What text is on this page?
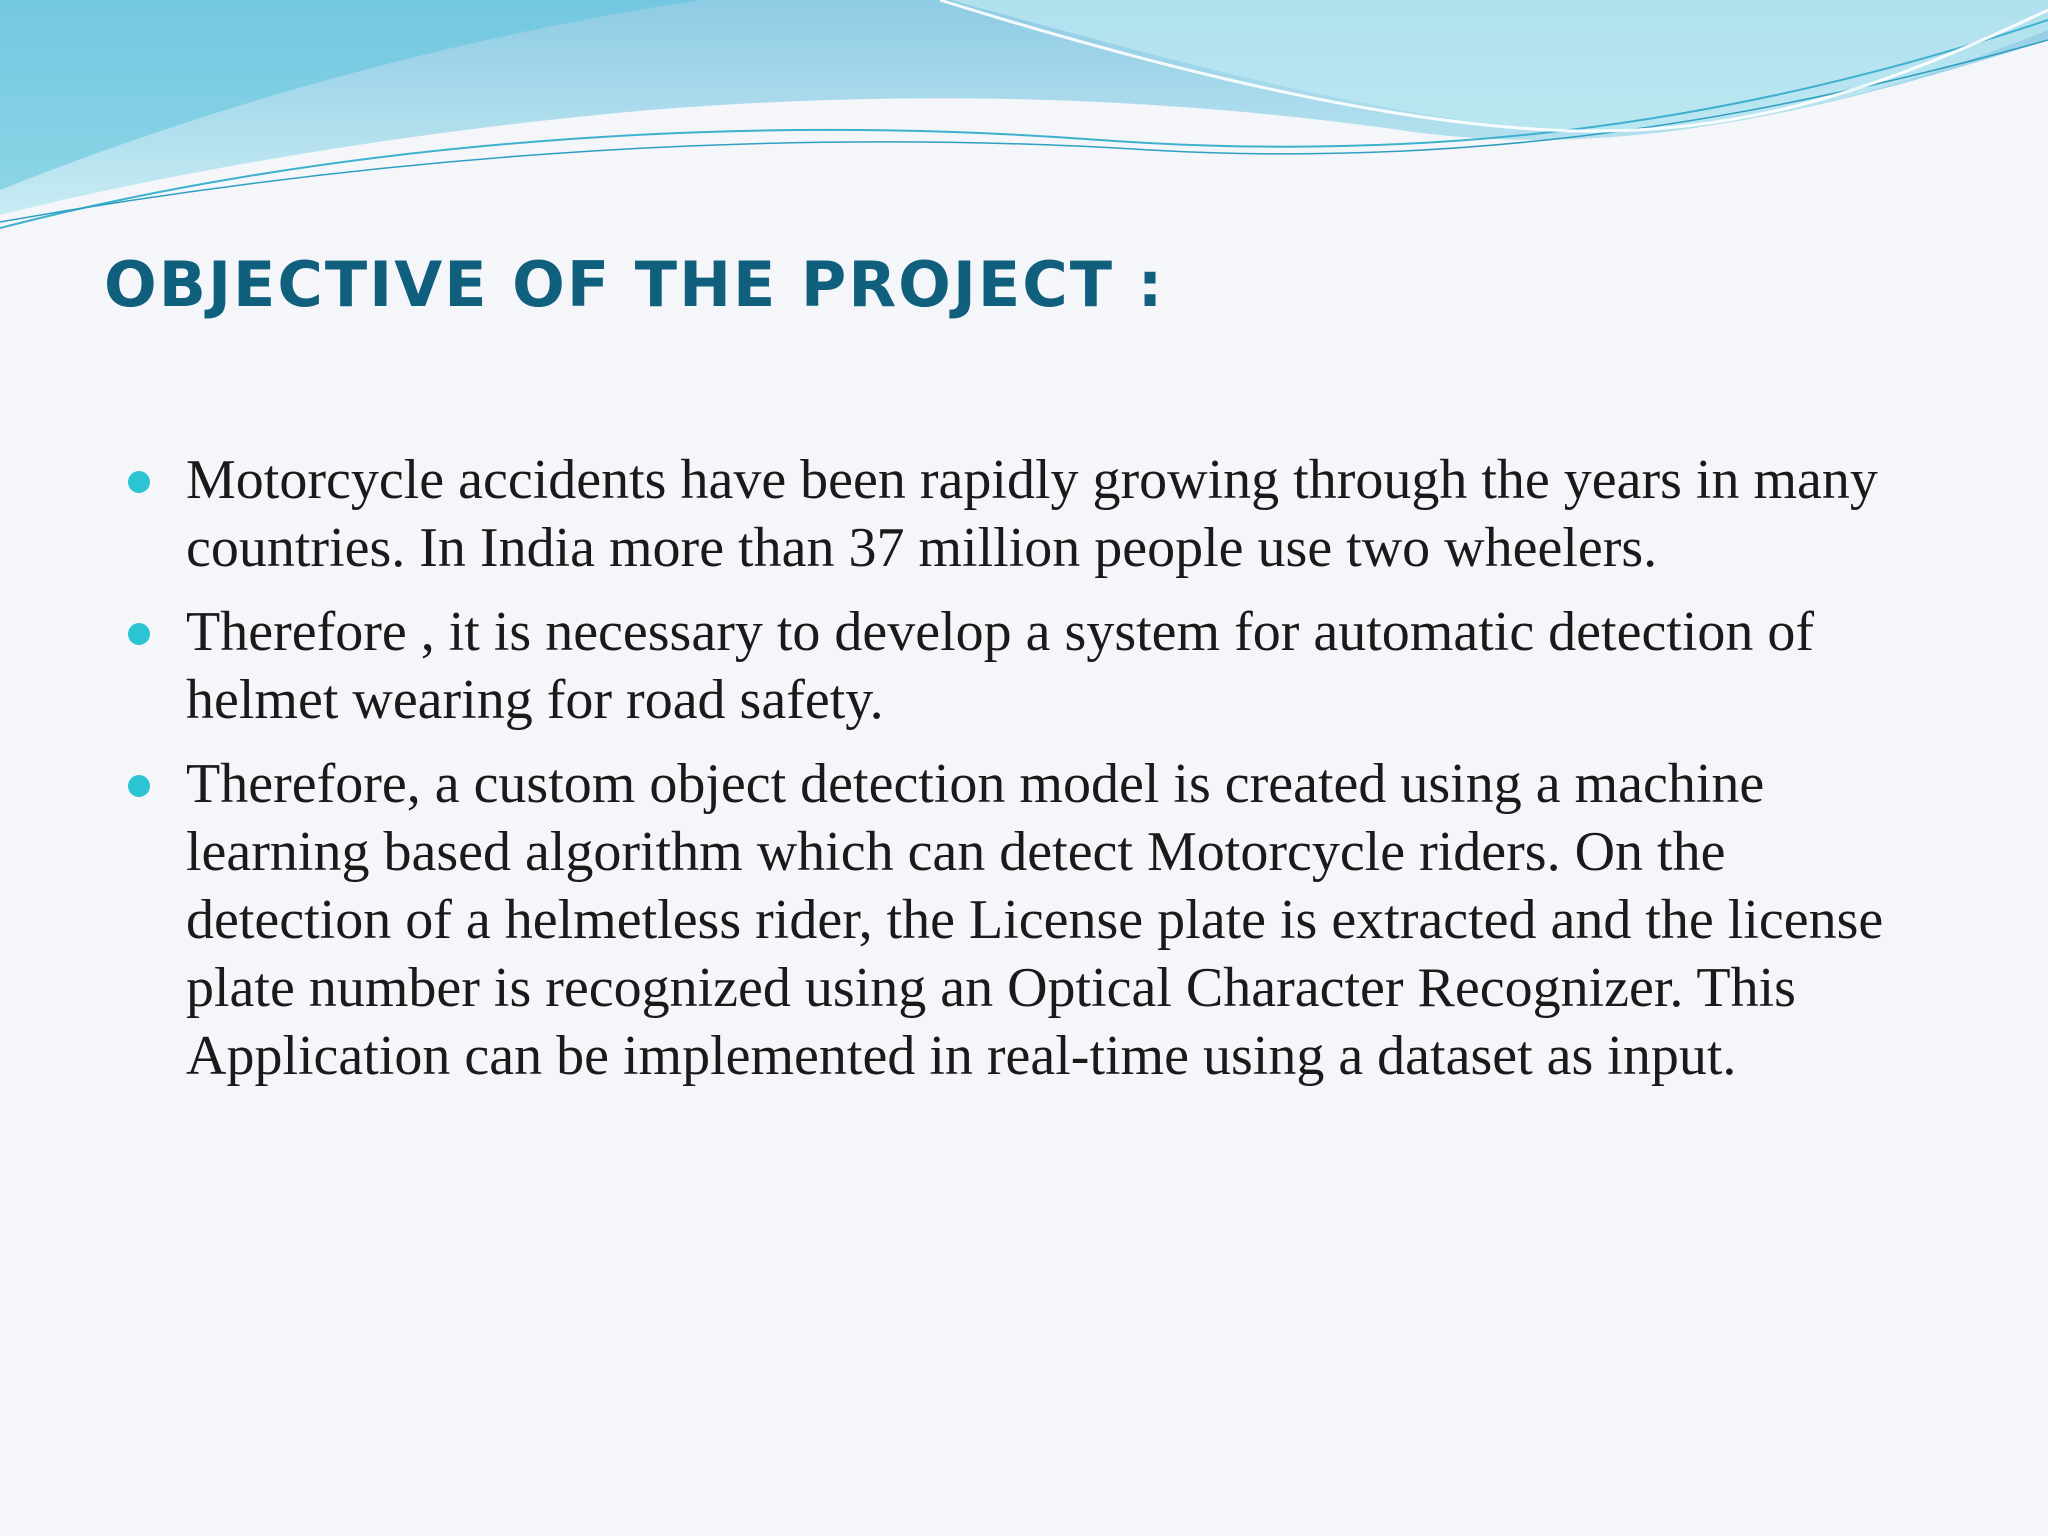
OBJECTIVE OF THE PROJECT :
Motorcycle accidents have been rapidly growing through the years in many countries. In India more than 37 million people use two wheelers.
Therefore , it is necessary to develop a system for automatic detection of helmet wearing for road safety.
Therefore, a custom object detection model is created using a machine learning based algorithm which can detect Motorcycle riders. On the detection of a helmetless rider, the License plate is extracted and the license plate number is recognized using an Optical Character Recognizer. This Application can be implemented in real-time using a dataset as input.
